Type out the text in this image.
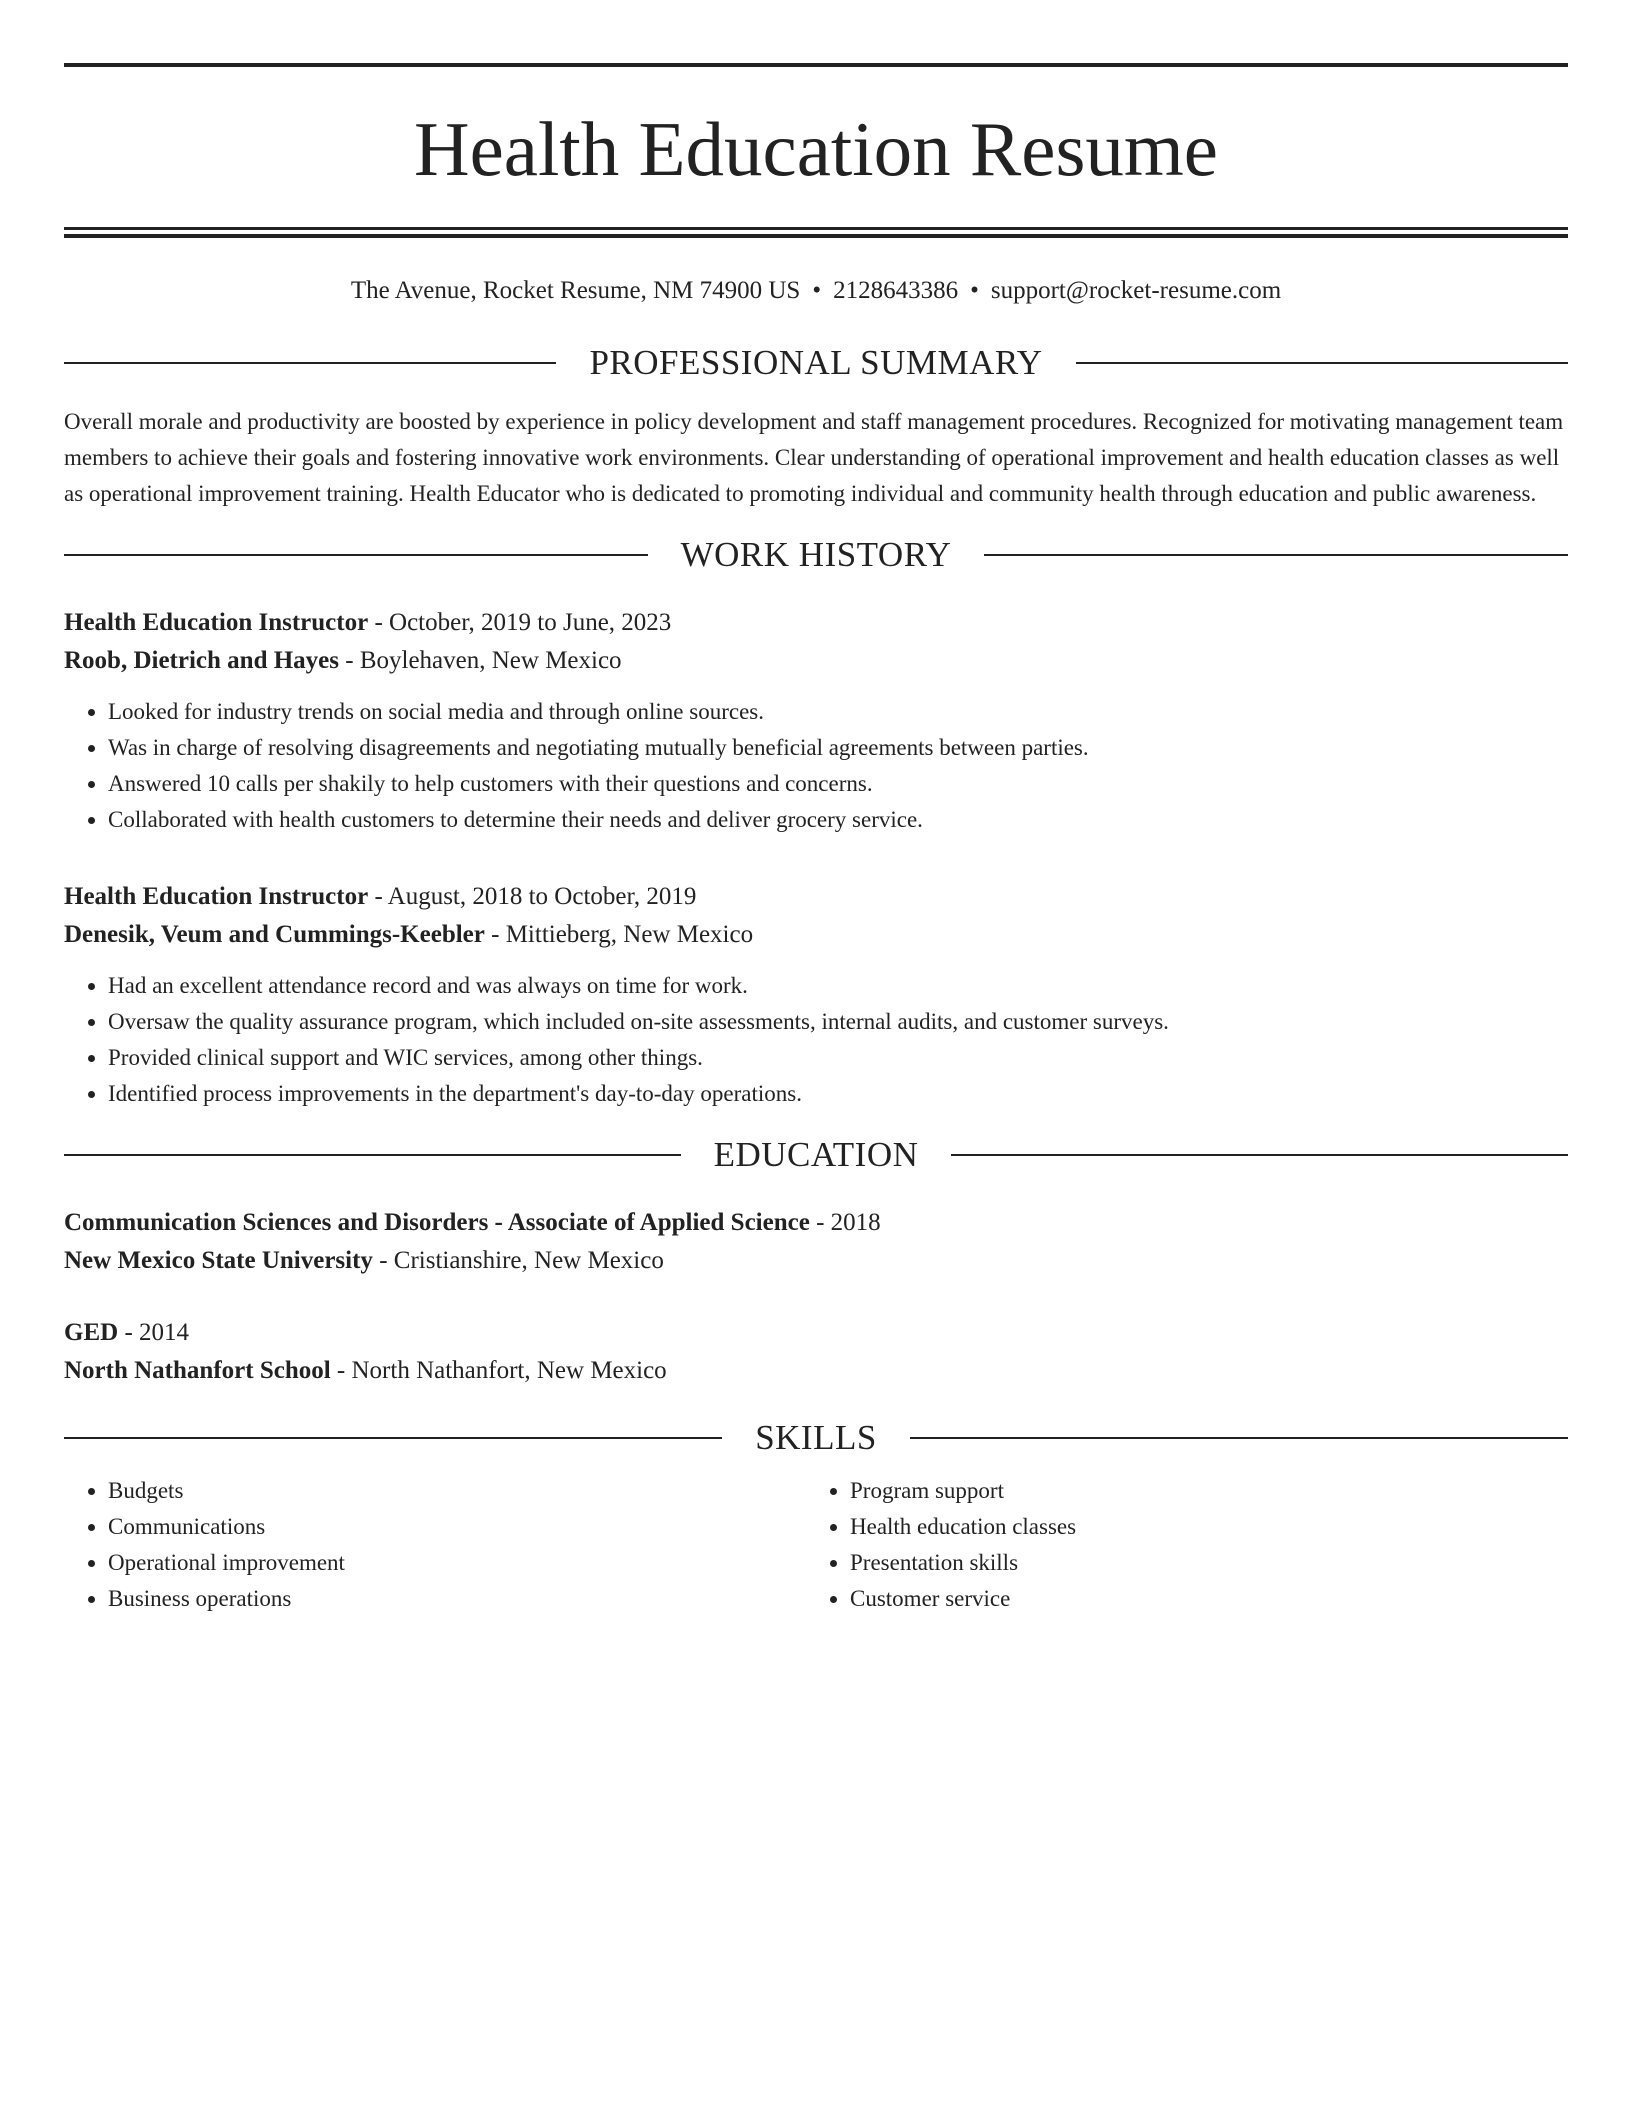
Health Education Resume
The Avenue, Rocket Resume, NM 74900 US • 2128643386 • support@rocket-resume.com
PROFESSIONAL SUMMARY

Overall morale and productivity are boosted by experience in policy development and staff management procedures. Recognized for motivating management team members to achieve their goals and fostering innovative work environments. Clear understanding of operational improvement and health education classes as well as operational improvement training. Health Educator who is dedicated to promoting individual and community health through education and public awareness.

WORK HISTORY
Health Education Instructor - October, 2019 to June, 2023
Roob, Dietrich and Hayes - Boylehaven, New Mexico
• Looked for industry trends on social media and through online sources.
• Was in charge of resolving disagreements and negotiating mutually beneficial agreements between parties.
• Answered 10 calls per shakily to help customers with their questions and concerns.
• Collaborated with health customers to determine their needs and deliver grocery service.
Health Education Instructor - August, 2018 to October, 2019
Denesik, Veum and Cummings-Keebler - Mittieberg, New Mexico
• Had an excellent attendance record and was always on time for work.
• Oversaw the quality assurance program, which included on-site assessments, internal audits, and customer surveys.
• Provided clinical support and WIC services, among other things.
• Identified process improvements in the department's day-to-day operations.
EDUCATION
Communication Sciences and Disorders - Associate of Applied Science - 2018
New Mexico State University - Cristianshire, New Mexico
GED - 2014
North Nathanfort School - North Nathanfort, New Mexico
SKILLS
• Budgets
• Communications
• Operational improvement
• Business operations
• Program support
• Health education classes
• Presentation skills
• Customer service
